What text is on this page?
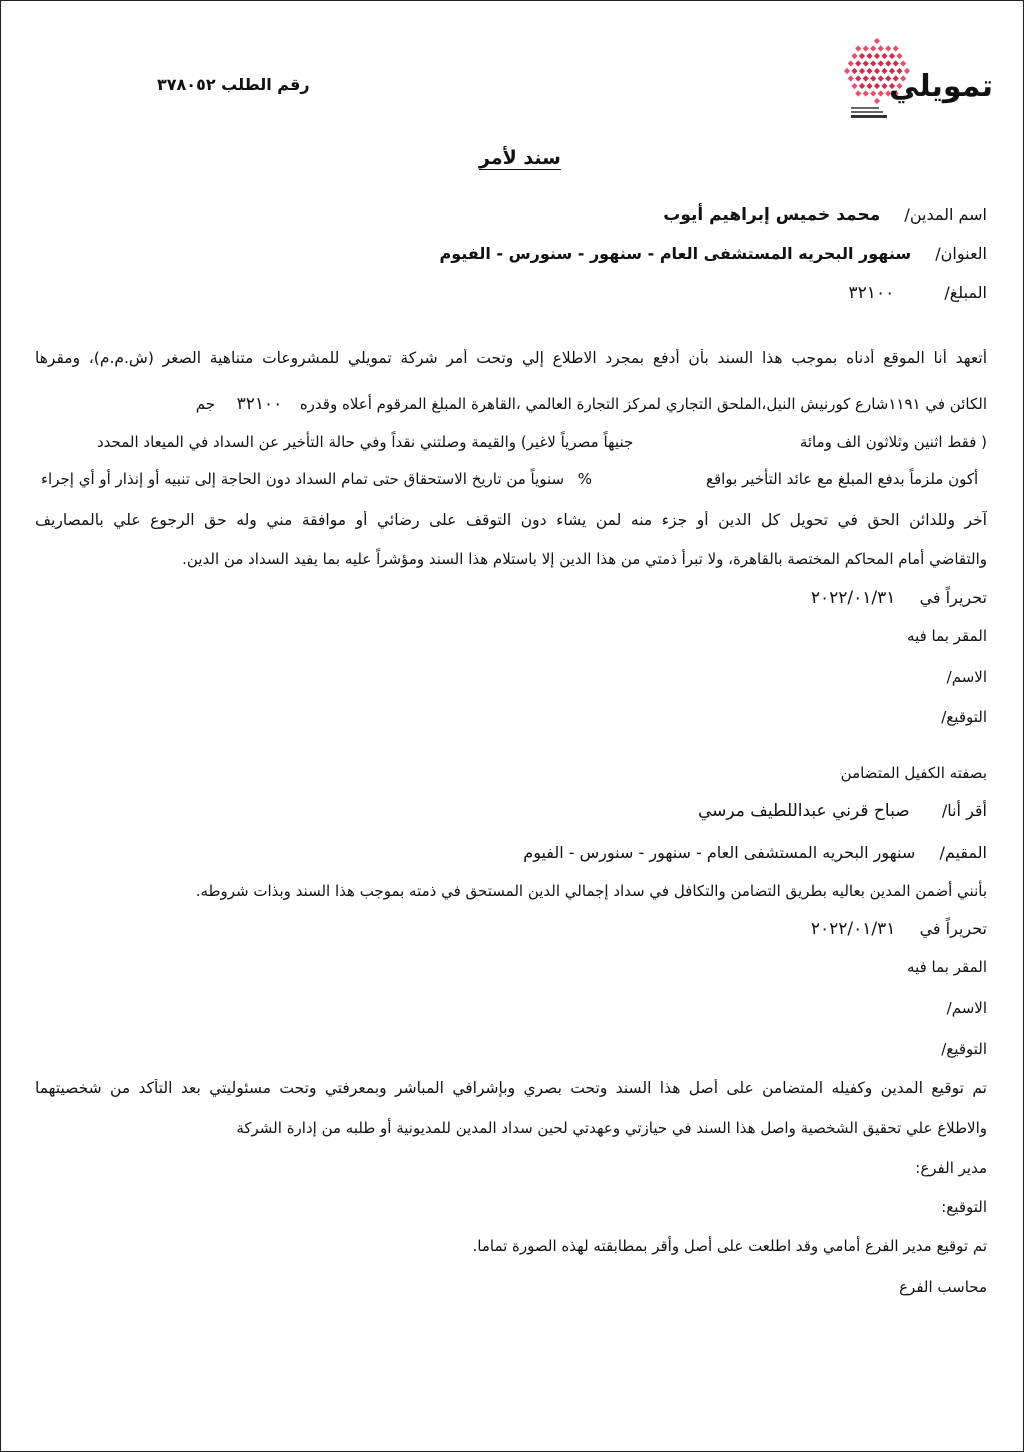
تمويلي
رقم الطلب ٣٧٨٠٥٢
سند لأمر
اسم المدين/  محمد خميس إبراهيم أيوب
العنوان/  سنهور البحريه المستشفى العام - سنهور - سنورس - الفيوم
المبلغ/  ٣٢١٠٠
أتعهد أنا الموقع أدناه بموجب هذا السند بأن أدفع بمجرد الاطلاع إلي وتحت أمر شركة تمويلي للمشروعات متناهية الصغر (ش.م.م)، ومقرها
الكائن في ١١٩١شارع كورنيش النيل،الملحق التجاري لمركز التجارة العالمي ،القاهرة المبلغ المرقوم أعلاه وقدره  ٣٢١٠٠  جم
جنيهاً مصرياً لاغير) والقيمة وصلتني نقداً وفي حالة التأخير عن السداد في الميعاد المحدد	( فقط اثنين وثلاثون الف ومائة
%  سنوياً من تاريخ الاستحقاق حتى تمام السداد دون الحاجة إلى تنبيه أو إنذار أو أي إجراء	أكون ملزماً بدفع المبلغ مع عائد التأخير بواقع
آخر وللدائن الحق في تحويل كل الدين أو جزء منه لمن يشاء دون التوقف على رضائي أو موافقة مني وله حق الرجوع علي بالمصاريف
والتقاضي أمام المحاكم المختصة بالقاهرة، ولا تبرأ ذمتي من هذا الدين إلا باستلام هذا السند ومؤشراً عليه بما يفيد السداد من الدين.
تحريراً في  ٢٠٢٢/٠١/٣١
المقر بما فيه
الاسم/
التوقيع/
بصفته الكفيل المتضامن
أقر أنا/  صباح قرني عبداللطيف مرسي
المقيم/  سنهور البحريه المستشفى العام - سنهور - سنورس - الفيوم
بأنني أضمن المدين بعاليه بطريق التضامن والتكافل في سداد إجمالي الدين المستحق في ذمته بموجب هذا السند وبذات شروطه.
تحريراً في  ٢٠٢٢/٠١/٣١
المقر بما فيه
الاسم/
التوقيع/
تم توقيع المدين وكفيله المتضامن على أصل هذا السند وتحت بصري وبإشرافي المباشر وبمعرفتي وتحت مسئوليتي بعد التأكد من شخصيتهما
والاطلاع علي تحقيق الشخصية واصل هذا السند في حيازتي وعهدتي لحين سداد المدين للمديونية أو طلبه من إدارة الشركة
مدير الفرع:
التوقيع:
تم توقيع مدير الفرع أمامي وقد اطلعت على أصل وأقر بمطابقته لهذه الصورة تماما.
محاسب الفرع
